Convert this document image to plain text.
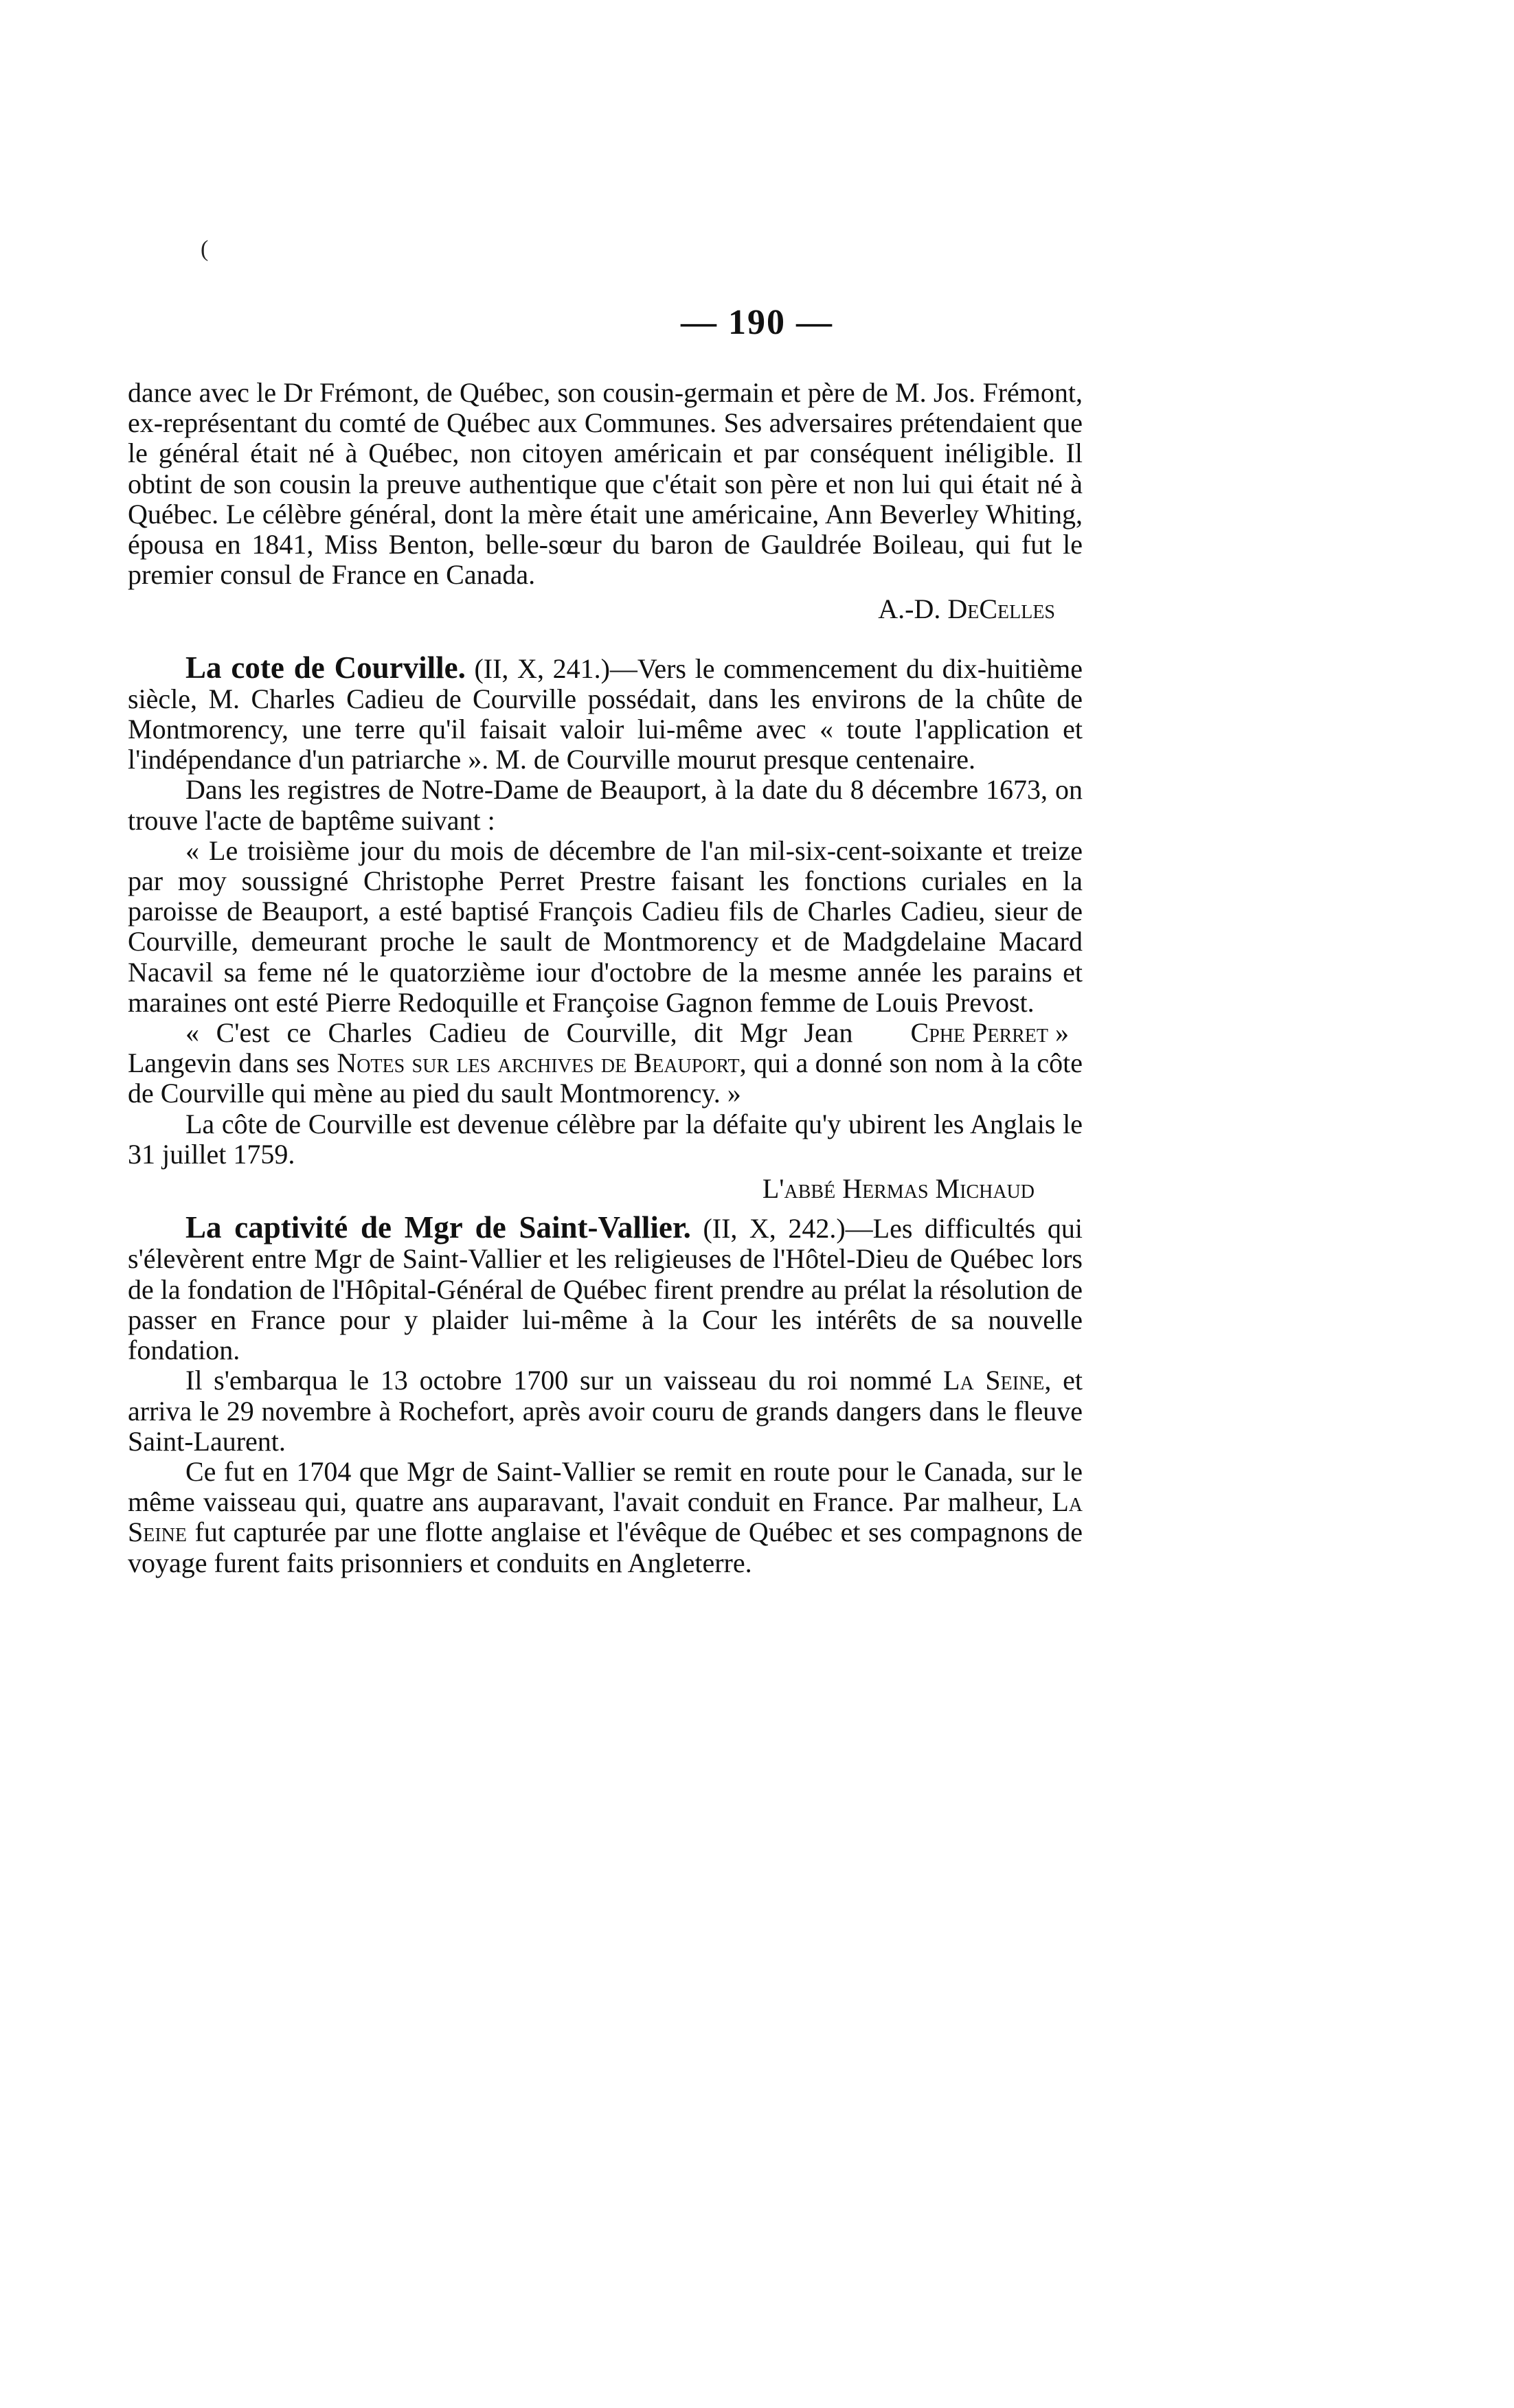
(
— 190 —

dance avec le Dr Frémont, de Québec, son cousin-germain et père de M. Jos. Frémont, ex-représentant du comté de Québec aux Communes. Ses adversaires prétendaient que le général était né à Québec, non citoyen américain et par conséquent inéligible. Il obtint de son cousin la preuve authentique que c'était son père et non lui qui était né à Québec. Le célèbre général, dont la mère était une américaine, Ann Beverley Whiting, épousa en 1841, Miss Benton, belle-sœur du baron de Gauldrée Boileau, qui fut le premier consul de France en Canada.

A.-D. DeCelles

La cote de Courville. (II, X, 241.)—Vers le commencement du dix-huitième siècle, M. Charles Cadieu de Courville possédait, dans les environs de la chûte de Montmorency, une terre qu'il faisait valoir lui-même avec « toute l'application et l'indépendance d'un patriarche ». M. de Courville mourut presque centenaire.

Dans les registres de Notre-Dame de Beauport, à la date du 8 décembre 1673, on trouve l'acte de baptême suivant :

« Le troisième jour du mois de décembre de l'an mil-six-cent-soixante et treize par moy soussigné Christophe Perret Prestre faisant les fonctions curiales en la paroisse de Beauport, a esté baptisé François Cadieu fils de Charles Cadieu, sieur de Courville, demeurant proche le sault de Montmorency et de Madgdelaine Macard Nacavil sa feme né le quatorzième iour d'octobre de la mesme année les parains et maraines ont esté Pierre Redoquille et Françoise Gagnon femme de Louis Prevost.
Cphe Perret »

« C'est ce Charles Cadieu de Courville, dit Mgr Jean Langevin dans ses Notes sur les archives de Beauport, qui a donné son nom à la côte de Courville qui mène au pied du sault Montmorency. »

La côte de Courville est devenue célèbre par la défaite qu'y ubirent les Anglais le 31 juillet 1759.

L'abbé Hermas Michaud

La captivité de Mgr de Saint-Vallier. (II, X, 242.)—Les difficultés qui s'élevèrent entre Mgr de Saint-Vallier et les religieuses de l'Hôtel-Dieu de Québec lors de la fondation de l'Hôpital-Général de Québec firent prendre au prélat la résolution de passer en France pour y plaider lui-même à la Cour les intérêts de sa nouvelle fondation.

Il s'embarqua le 13 octobre 1700 sur un vaisseau du roi nommé La Seine, et arriva le 29 novembre à Rochefort, après avoir couru de grands dangers dans le fleuve Saint-Laurent.

Ce fut en 1704 que Mgr de Saint-Vallier se remit en route pour le Canada, sur le même vaisseau qui, quatre ans auparavant, l'avait conduit en France. Par malheur, La Seine fut capturée par une flotte anglaise et l'évêque de Québec et ses compagnons de voyage furent faits prisonniers et conduits en Angleterre.
